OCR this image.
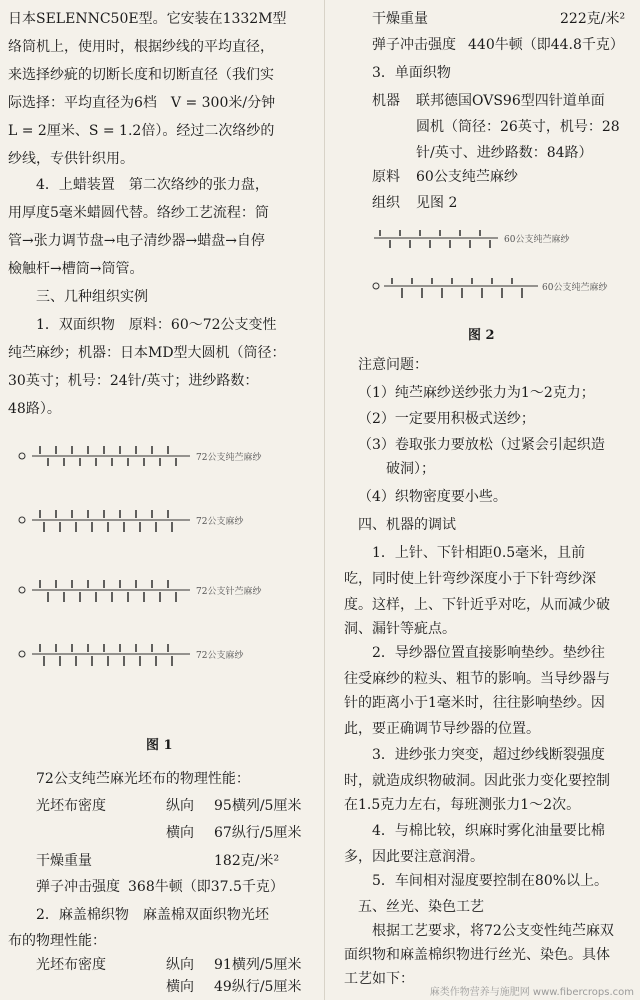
日本SELENNC50E型。它安装在1332M型
络筒机上，使用时，根据纱线的平均直径，
来选择纱疵的切断长度和切断直径（我们实
际选择：平均直径为6档　V = 300米/分钟
L = 2厘米、S = 1.2倍）。经过二次络纱的
纱线，专供针织用。
4．上蜡装置　第二次络纱的张力盘，
用厚度5毫米蜡圆代替。络纱工艺流程：筒
管→张力调节盘→电子清纱器→蜡盘→自停
檢触杆→槽筒→筒管。
三、几种组织实例
1．双面织物　原料：60～72公支变性
纯苎麻纱；机器：日本MD型大圆机（筒径：
30英寸；机号：24针/英寸；进纱路数：
48路）。
72公支纯苎麻纱
72公支麻纱
72公支针苎麻纱
72公支麻纱
图 1
72公支纯苎麻光坯布的物理性能：
光坯布密度	纵向 95横列/5厘米
横向 67纵行/5厘米
干燥重量	182克/米²
弹子冲击强度 368牛顿（即37.5千克）
2．麻盖棉织物　麻盖棉双面织物光坯
布的物理性能：
光坯布密度	纵向 91横列/5厘米
横向 49纵行/5厘米
干燥重量	222克/米²
弹子冲击强度 440牛顿（即44.8千克）
3．单面织物
机器 联邦德国OVS96型四针道单面
圆机（筒径：26英寸，机号：28
针/英寸、进纱路数：84路）
原料 60公支纯苎麻纱
组织 见图 2
60公支纯苎麻纱
60公支纯苎麻纱
图 2
注意问题：
（1）纯苎麻纱送纱张力为1～2克力；
（2）一定要用积极式送纱；
（3）卷取张力要放松（过紧会引起织造
破洞）；
（4）织物密度要小些。
四、机器的调试
1．上针、下针相距0.5毫米，且前
吃，同时使上针弯纱深度小于下针弯纱深
度。这样，上、下针近乎对吃，从而减少破
洞、漏针等疵点。
2．导纱器位置直接影响垫纱。垫纱往
往受麻纱的粒头、粗节的影响。当导纱器与
针的距离小于1毫米时，往往影响垫纱。因
此，要正确调节导纱器的位置。
3．进纱张力突变，超过纱线断裂强度
时，就造成织物破洞。因此张力变化要控制
在1.5克力左右，每班测张力1～2次。
4．与棉比较，织麻时雾化油量要比棉
多，因此要注意润滑。
5．车间相对湿度要控制在80%以上。
五、丝光、染色工艺
根据工艺要求，将72公支变性纯苎麻双
面织物和麻盖棉织物进行丝光、染色。具体
工艺如下：
麻类作物营养与施肥网 www.fibercrops.com
